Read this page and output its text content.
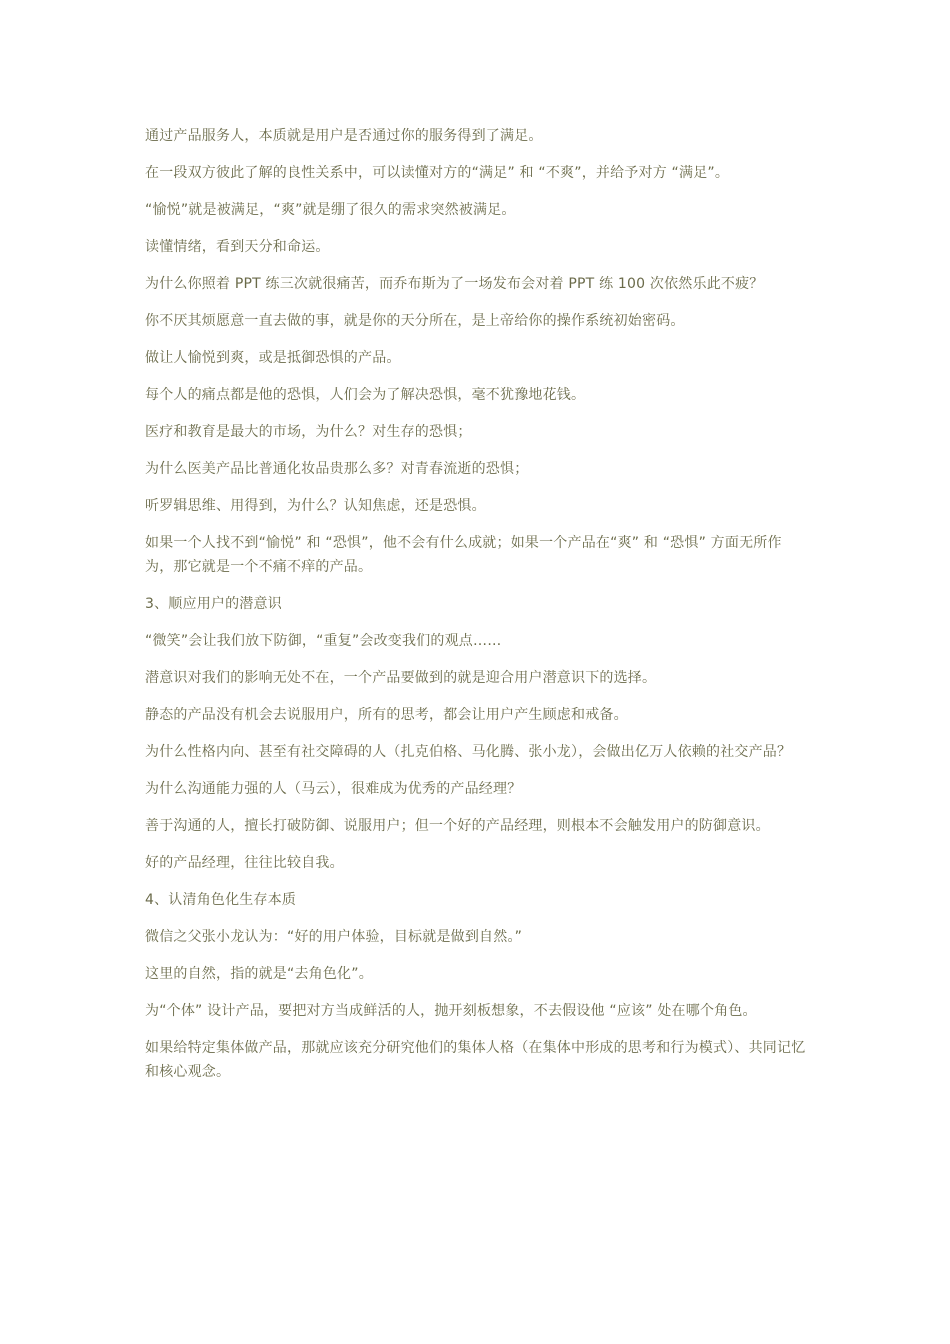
通过产品服务人，本质就是用户是否通过你的服务得到了满足。

在一段双方彼此了解的良性关系中，可以读懂对方的“满足” 和 “不爽”，并给予对方 “满足”。

“愉悦”就是被满足，“爽”就是绷了很久的需求突然被满足。

读懂情绪，看到天分和命运。

为什么你照着 PPT 练三次就很痛苦，而乔布斯为了一场发布会对着 PPT 练 100 次依然乐此不疲？

你不厌其烦愿意一直去做的事，就是你的天分所在，是上帝给你的操作系统初始密码。

做让人愉悦到爽，或是抵御恐惧的产品。

每个人的痛点都是他的恐惧，人们会为了解决恐惧，毫不犹豫地花钱。

医疗和教育是最大的市场，为什么？对生存的恐惧；

为什么医美产品比普通化妆品贵那么多？对青春流逝的恐惧；

听罗辑思维、用得到，为什么？认知焦虑，还是恐惧。

如果一个人找不到“愉悦” 和 “恐惧”，他不会有什么成就；如果一个产品在“爽” 和 “恐惧” 方面无所作为，那它就是一个不痛不痒的产品。

3、顺应用户的潜意识

“微笑”会让我们放下防御，“重复”会改变我们的观点……

潜意识对我们的影响无处不在，一个产品要做到的就是迎合用户潜意识下的选择。

静态的产品没有机会去说服用户，所有的思考，都会让用户产生顾虑和戒备。

为什么性格内向、甚至有社交障碍的人（扎克伯格、马化腾、张小龙），会做出亿万人依赖的社交产品？

为什么沟通能力强的人（马云），很难成为优秀的产品经理？

善于沟通的人，擅长打破防御、说服用户；但一个好的产品经理，则根本不会触发用户的防御意识。

好的产品经理，往往比较自我。

4、认清角色化生存本质

微信之父张小龙认为：“好的用户体验，目标就是做到自然。”

这里的自然，指的就是“去角色化”。

为“个体” 设计产品，要把对方当成鲜活的人，抛开刻板想象，不去假设他 “应该” 处在哪个角色。

如果给特定集体做产品，那就应该充分研究他们的集体人格（在集体中形成的思考和行为模式）、共同记忆和核心观念。
